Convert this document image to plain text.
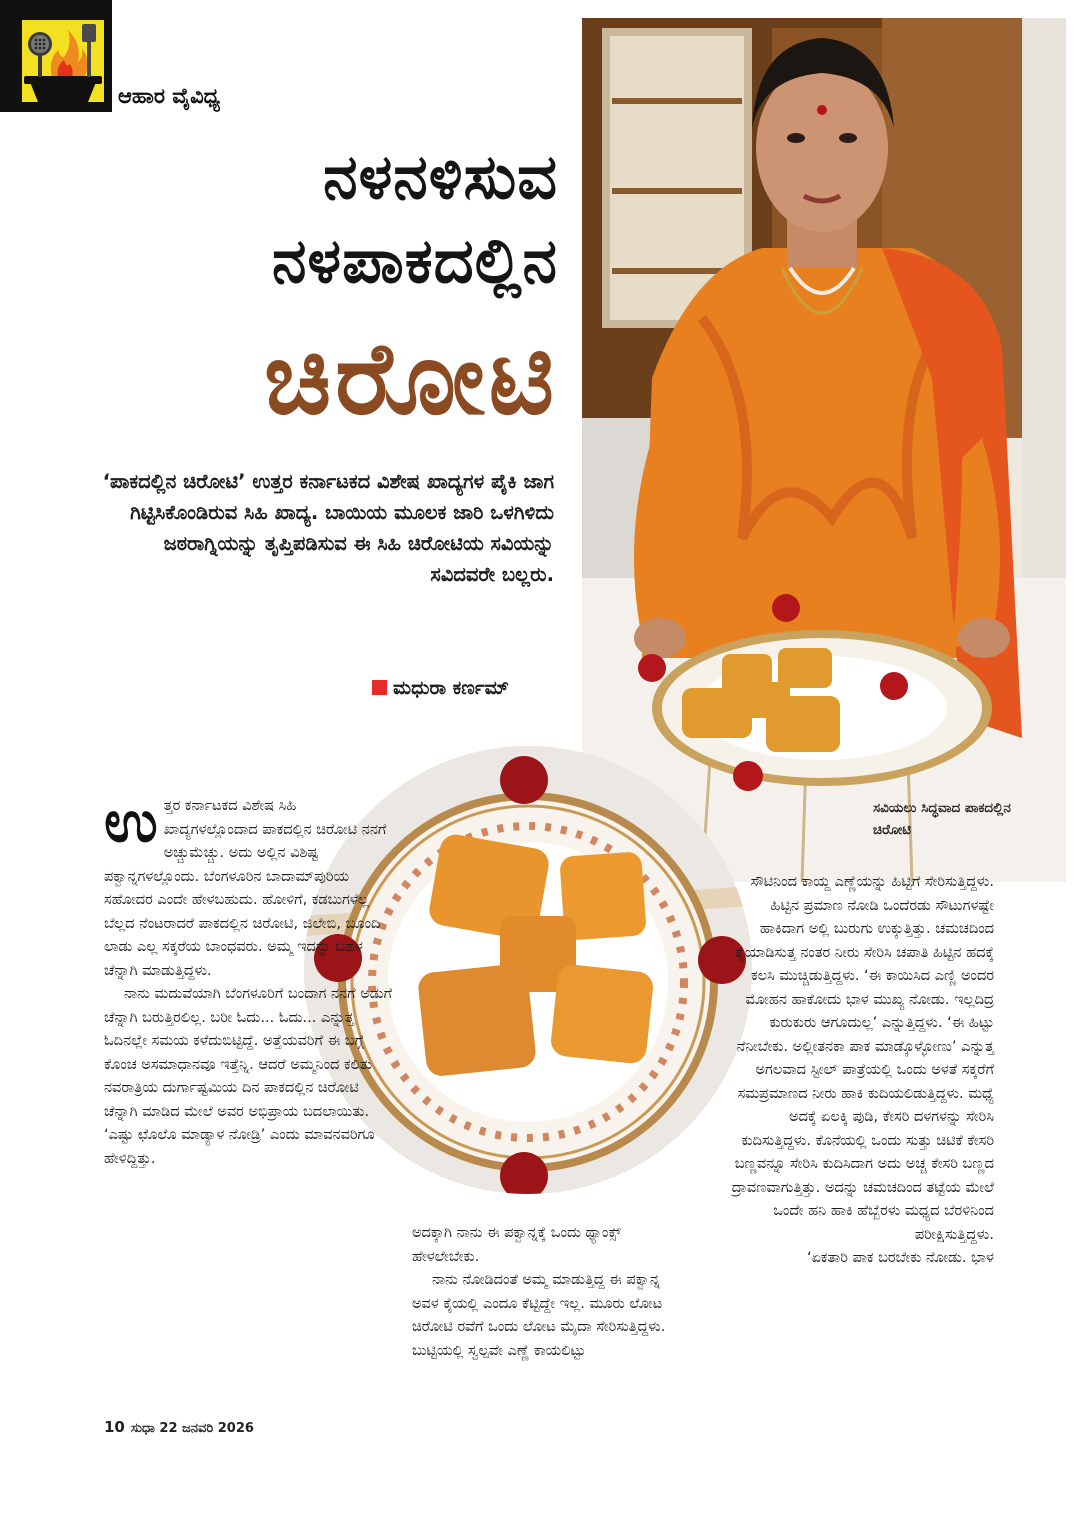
ಆಹಾರ ವೈವಿಧ್ಯ
ನಳನಳಿಸುವ
ನಳಪಾಕದಲ್ಲಿನ
ಚಿರೋಟಿ
‘ಪಾಕದಲ್ಲಿನ ಚಿರೋಟಿ’ ಉತ್ತರ ಕರ್ನಾಟಕದ ವಿಶೇಷ ಖಾದ್ಯಗಳ ಪೈಕಿ ಜಾಗ ಗಿಟ್ಟಿಸಿಕೊಂಡಿರುವ ಸಿಹಿ ಖಾದ್ಯ. ಬಾಯಿಯ ಮೂಲಕ ಜಾರಿ ಒಳಗಿಳಿದು ಜಠರಾಗ್ನಿಯನ್ನು ತೃಪ್ತಿಪಡಿಸುವ ಈ ಸಿಹಿ ಚಿರೋಟಿಯ ಸವಿಯನ್ನು ಸವಿದವರೇ ಬಲ್ಲರು.
ಮಧುರಾ ಕರ್ಣಮ್
ಸವಿಯಲು ಸಿದ್ಧವಾದ ಪಾಕದಲ್ಲಿನ ಚಿರೋಟಿ

ಉತ್ತರ ಕರ್ನಾಟಕದ ವಿಶೇಷ ಸಿಹಿ ಖಾದ್ಯಗಳಲ್ಲೊಂದಾದ ಪಾಕದಲ್ಲಿನ ಚಿರೋಟಿ ನನಗೆ ಅಚ್ಚುಮೆಚ್ಚು. ಅದು ಅಲ್ಲಿನ ವಿಶಿಷ್ಟ ಪಕ್ವಾನ್ನಗಳಲ್ಲೊಂದು. ಬೆಂಗಳೂರಿನ ಬಾದಾಮ್‌ಪುರಿಯ ಸಹೋದರ ಎಂದೇ ಹೇಳಬಹುದು. ಹೋಳಿಗೆ, ಕಡಬುಗಳೆಲ್ಲ ಬೆಲ್ಲದ ನೆಂಟರಾದರೆ ಪಾಕದಲ್ಲಿನ ಚಿರೋಟಿ, ಜಿಲೇಬಿ, ಬೂಂದಿ ಲಾಡು ಎಲ್ಲ ಸಕ್ಕರೆಯ ಬಾಂಧವರು. ಅಮ್ಮ ಇದನ್ನು ಬಹಳ ಚೆನ್ನಾಗಿ ಮಾಡುತ್ತಿದ್ದಳು.

ನಾನು ಮದುವೆಯಾಗಿ ಬೆಂಗಳೂರಿಗೆ ಬಂದಾಗ ನನಗೆ ಅಡುಗೆ ಚೆನ್ನಾಗಿ ಬರುತ್ತಿರಲಿಲ್ಲ. ಬರೀ ಓದು... ಓದು... ಎನ್ನುತ್ತ ಓದಿನಲ್ಲೇ ಸಮಯ ಕಳೆದುಬಿಟ್ಟಿದ್ದೆ. ಅತ್ತೆಯವರಿಗೆ ಈ ಬಗ್ಗೆ ಕೊಂಚ ಅಸಮಾಧಾನವೂ ಇತ್ತೆನ್ನಿ. ಆದರೆ ಅಮ್ಮನಿಂದ ಕಲಿತು ನವರಾತ್ರಿಯ ದುರ್ಗಾಷ್ಟಮಿಯ ದಿನ ಪಾಕದಲ್ಲಿನ ಚಿರೋಟಿ ಚೆನ್ನಾಗಿ ಮಾಡಿದ ಮೇಲೆ ಅವರ ಅಭಿಪ್ರಾಯ ಬದಲಾಯಿತು. ‘ಎಷ್ಟು ಛೊಲೊ ಮಾಡ್ಯಾಳ ನೋಡ್ರಿ’ ಎಂದು ಮಾವನವರಿಗೂ ಹೇಳಿದ್ದಿತ್ತು.

ಅದಕ್ಕಾಗಿ ನಾನು ಈ ಪಕ್ವಾನ್ನಕ್ಕೆ ಒಂದು ಥ್ಯಾಂಕ್ಸ್ ಹೇಳಲೇಬೇಕು.

ನಾನು ನೋಡಿದಂತೆ ಅಮ್ಮ ಮಾಡುತ್ತಿದ್ದ ಈ ಪಕ್ವಾನ್ನ ಅವಳ ಕೈಯಲ್ಲಿ ಎಂದೂ ಕೆಟ್ಟಿದ್ದೇ ಇಲ್ಲ. ಮೂರು ಲೋಟ ಚಿರೋಟಿ ರವೆಗೆ ಒಂದು ಲೋಟ ಮೈದಾ ಸೇರಿಸುತ್ತಿದ್ದಳು. ಬುಟ್ಟಿಯಲ್ಲಿ ಸ್ವಲ್ಪವೇ ಎಣ್ಣೆ ಕಾಯಲಿಟ್ಟು

ಸೌಟಿನಿಂದ ಕಾಯ್ದ ಎಣ್ಣೆಯನ್ನು ಹಿಟ್ಟಿಗೆ ಸೇರಿಸುತ್ತಿದ್ದಳು. ಹಿಟ್ಟಿನ ಪ್ರಮಾಣ ನೋಡಿ ಒಂದೆರಡು ಸೌಟುಗಳಷ್ಟೇ ಹಾಕಿದಾಗ ಅಲ್ಲಿ ಬುರುಗು ಉಕ್ಕುತ್ತಿತ್ತು. ಚಮಚದಿಂದ ಕೈಯಾಡಿಸುತ್ತ ನಂತರ ನೀರು ಸೇರಿಸಿ ಚಪಾತಿ ಹಿಟ್ಟಿನ ಹದಕ್ಕೆ ಕಲಸಿ ಮುಚ್ಚಿಡುತ್ತಿದ್ದಳು. ‘ಈ ಕಾಯಿಸಿದ ಎಣ್ಣಿ ಅಂದರ ಮೋಹನ ಹಾಕೋದು ಭಾಳ ಮುಖ್ಯ ನೋಡು. ಇಲ್ಲದಿದ್ರ ಕುರುಕುರು ಆಗೂದುಲ್ಲ’ ಎನ್ನುತ್ತಿದ್ದಳು. ‘ಈ ಹಿಟ್ಟು ನೆನೀಬೇಕು. ಅಲ್ಲೀತನಕಾ ಪಾಕ ಮಾಡ್ಕೊಳ್ಳೋಣು’ ಎನ್ನುತ್ತ ಅಗಲವಾದ ಸ್ಟೀಲ್ ಪಾತ್ರೆಯಲ್ಲಿ ಒಂದು ಅಳತೆ ಸಕ್ಕರೆಗೆ ಸಮಪ್ರಮಾಣದ ನೀರು ಹಾಕಿ ಕುದಿಯಲಿಡುತ್ತಿದ್ದಳು. ಮಧ್ಯೆ ಅದಕ್ಕೆ ಏಲಕ್ಕಿ ಪುಡಿ, ಕೇಸರಿ ದಳಗಳನ್ನು ಸೇರಿಸಿ ಕುದಿಸುತ್ತಿದ್ದಳು. ಕೊನೆಯಲ್ಲಿ ಒಂದು ಸುತ್ತು ಚಿಟಿಕೆ ಕೇಸರಿ ಬಣ್ಣವನ್ನೂ ಸೇರಿಸಿ ಕುದಿಸಿದಾಗ ಅದು ಅಚ್ಚ ಕೇಸರಿ ಬಣ್ಣದ ದ್ರಾವಣವಾಗುತ್ತಿತ್ತು. ಅದನ್ನು ಚಮಚದಿಂದ ತಟ್ಟೆಯ ಮೇಲೆ ಒಂದೇ ಹನಿ ಹಾಕಿ ಹೆಬ್ಬೆರಳು ಮಧ್ಯದ ಬೆರಳಿನಿಂದ ಪರೀಕ್ಷಿಸುತ್ತಿದ್ದಳು.

‘ಏಕತಾರಿ ಪಾಕ ಬರಬೇಕು ನೋಡು. ಭಾಳ

10 ಸುಧಾ 22 ಜನವರಿ 2026
